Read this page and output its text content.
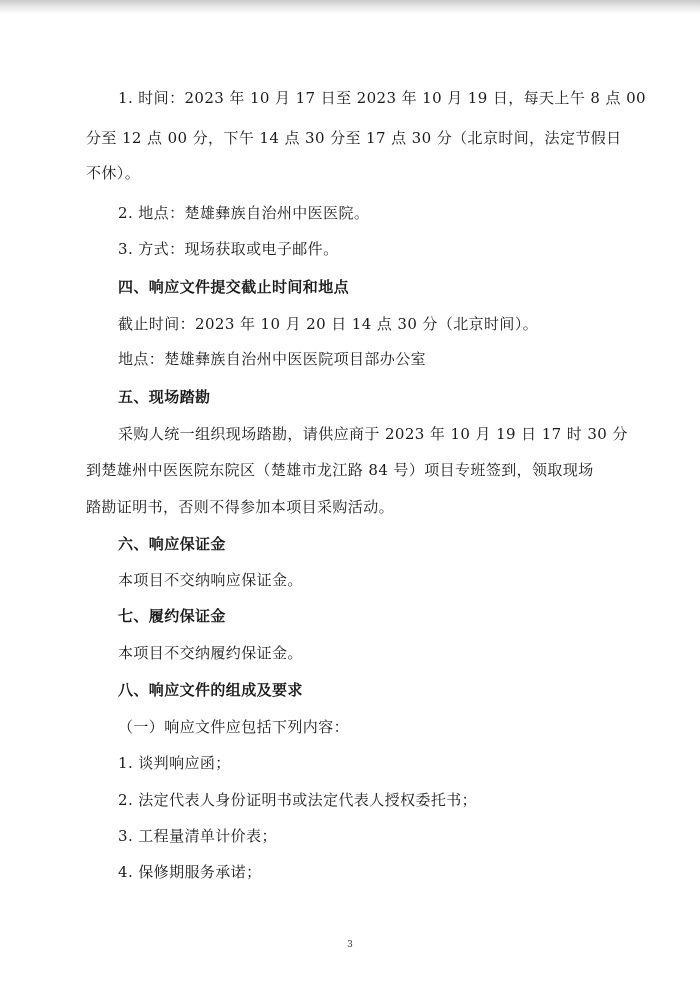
1. 时间：2023 年 10 月 17 日至 2023 年 10 月 19 日，每天上午 8 点 00
分至 12 点 00 分，下午 14 点 30 分至 17 点 30 分（北京时间，法定节假日
不休）。
2. 地点：楚雄彝族自治州中医医院。
3. 方式：现场获取或电子邮件。
四、响应文件提交截止时间和地点
截止时间：2023 年 10 月 20 日 14 点 30 分（北京时间）。
地点：楚雄彝族自治州中医医院项目部办公室
五、现场踏勘
采购人统一组织现场踏勘，请供应商于 2023 年 10 月 19 日 17 时 30 分
到楚雄州中医医院东院区（楚雄市龙江路 84 号）项目专班签到，领取现场
踏勘证明书，否则不得参加本项目采购活动。
六、响应保证金
本项目不交纳响应保证金。
七、履约保证金
本项目不交纳履约保证金。
八、响应文件的组成及要求
（一）响应文件应包括下列内容：
1. 谈判响应函；
2. 法定代表人身份证明书或法定代表人授权委托书；
3. 工程量清单计价表；
4. 保修期服务承诺；
3
